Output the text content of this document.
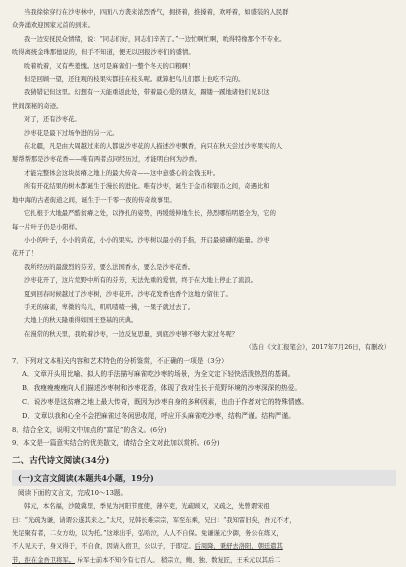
当我徐徐穿行在沙枣林中，四面八方袭来浓烈香气，拥挤着，推搡着，欢呼着，如盛装的人民群

众奔涌欢迎国家元首的到来。

我一边安抚民众情绪，说：“同志们好，同志们辛苦了。”一边忙啊忙啊，吮得特像那个不专业。

吮得离统金珠那德说的，但手不知道，便无以回报沙枣们的盛情。

吮着吮着，又有些羞愧。这可是麻雀们一整个冬天的口粮啊！

但是回顾一望，还往观的枝果实都挂在枝头呢。就算把鸟儿们都上也吃不完的。

我猜错记但这里。幻想有一天能重返此处，带着最心爱的朋友，蹑镂一蹊地诸他们见识这

世间深秘的奇迹。

对了，还有沙枣花。

沙枣花是最下过场争进的另一元。

在北疆，凡是由大周越过来的人都说沙枣花的人描述沙枣飘香，向只在秋天尝过沙枣果实的人

掰帮帮那是沙枣花香——唯有两者点同经历过，才能明白何为沙香。

才能完整体会这块贫瘠之地上的最大传奇——这中意盛心的金钱玉叶。

所有开花结果的树木都诞生于漫长的进化。唯有沙枣，诞生于金币和银币之间，奇遇比和

地中海的古老街道之间，诞生于一千零一夜的传奇故事里。

它扎根于大地最严酷贫瘠之处，以挣扎的姿势，再缓缓伸地生长，热烈哪怕明恩全为，它的

每一片叶子仍是小阳样。

小小的叶子，小小的黄花，小小的果实。沙枣树以最小的手指，开启最磅礴的能量。沙枣

花开了！

我所经历的最激烈的芬芳，要么法国香水，要么是沙枣花香。

沙枣花开了，这片荒野中所有的芬芳，无法先重的爱情，终于在大地上停止了流浪。

夏到回春时候越过了沙枣树，沙枣花开。沙枣花发香也香个这地方留住了。

手无的麻雀，卑微的鸟儿，叽叽喳喳一拂，一果子就过去了。

大地上的秋天隆重得如国王登基的庆典。

在漫常的秋天里，我吮着沙枣，一边反复思量，到底沙枣够不够大家过冬呢？

（选自《文汇报笔会》，2017年7月26日，有删改）

7．下列对文本相关内容和艺术特色的分析鉴赏，不正确的一项是（3分）

A．文章开头用比喻、拟人的手法描写麻雀吃沙枣的场景，为全文定下轻快活泼热烈的基调。

B．我瘦瘦瘦瘦向人们描述沙枣树和沙枣花香，体现了我对生长于荒野环境的沙枣深深的热爱。

C．说沙枣是这贫瘠之地上最大传奇，既因为沙枣自身的多种因素，也由于作者对它的特殊情感。

D．文章以我和心全不会把麻雀过冬闲思收尾，呼应开头麻雀吃沙枣，结构严谨。结构严谨。

8．结合全文，说明文中加点的“富足”的含义。(6分)

9．本文是一篇意实结合的优美散文，请结合全文对此加以赏析。(6分)

二、古代诗文阅读(34分)

(一)文言文阅读(本题共4小题，19分)

阅读下面的文言文，完成10～13题。

韩元，本名福，沙陵冀里，季见为河阳节度使，薄卒吏，光疏顾又，又疏之，先曾谓宋祖

曰：“光疏为谦，请谓公遂其来之。”太尺，兄韩长难宗宗，军至东乘，兄曰：“我知雷旧矣，吾元不才，

先足聚有者，二女方幼，以为托。”这球出乎，弘哈泣，人人不自保。免谦谨元少御，务公在练又，

不人见天子，身又得于，不自食，因请入宿卫，公以子，于即定。后周降，秉舒去洛阳，朝廷遣其

节，拒在金吾卫将军。 斥军士前本不知今有七百人。 稍宗立，鲍、独、数复匠，王禾元以其后二
